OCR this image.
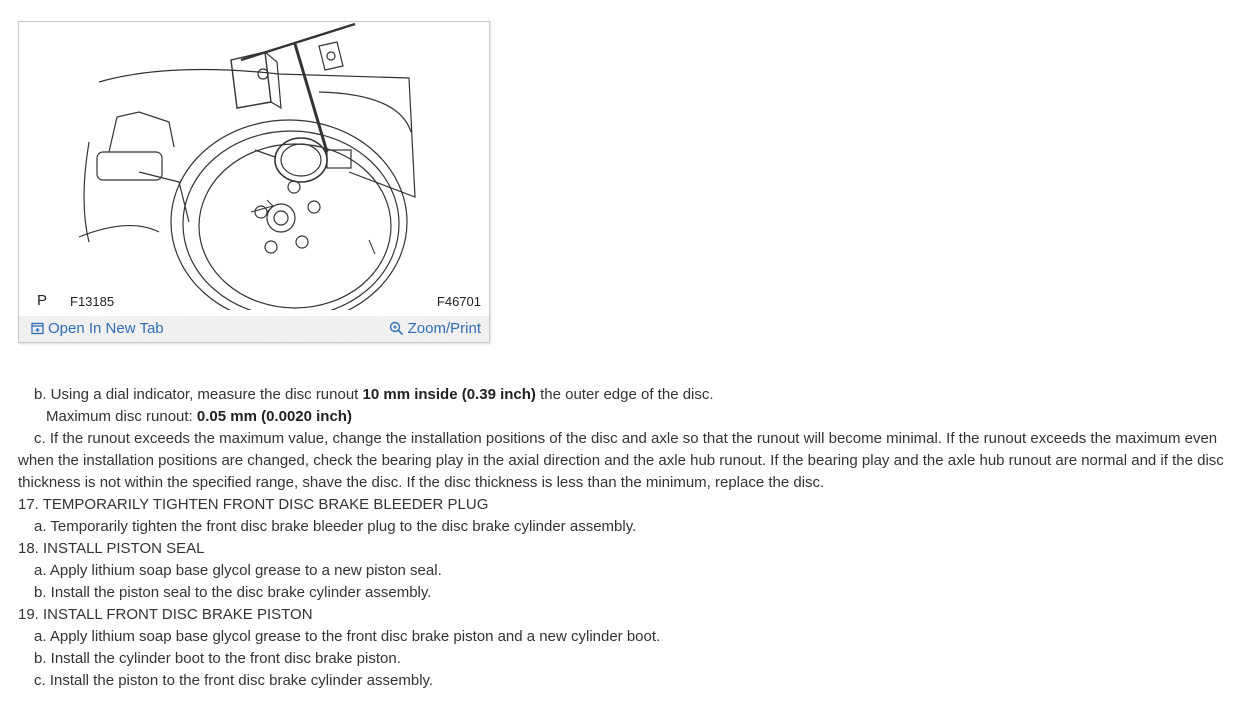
P F13185	F46701
Open In New Tab	Zoom/Print

b. Using a dial indicator, measure the disc runout 10 mm inside (0.39 inch) the outer edge of the disc.

Maximum disc runout: 0.05 mm (0.0020 inch)

c. If the runout exceeds the maximum value, change the installation positions of the disc and axle so that the runout will become minimal. If the runout exceeds the maximum even when the installation positions are changed, check the bearing play in the axial direction and the axle hub runout. If the bearing play and the axle hub runout are normal and if the disc thickness is not within the specified range, shave the disc. If the disc thickness is less than the minimum, replace the disc.

17. TEMPORARILY TIGHTEN FRONT DISC BRAKE BLEEDER PLUG

a. Temporarily tighten the front disc brake bleeder plug to the disc brake cylinder assembly.

18. INSTALL PISTON SEAL

a. Apply lithium soap base glycol grease to a new piston seal.

b. Install the piston seal to the disc brake cylinder assembly.

19. INSTALL FRONT DISC BRAKE PISTON

a. Apply lithium soap base glycol grease to the front disc brake piston and a new cylinder boot.

b. Install the cylinder boot to the front disc brake piston.

c. Install the piston to the front disc brake cylinder assembly.
